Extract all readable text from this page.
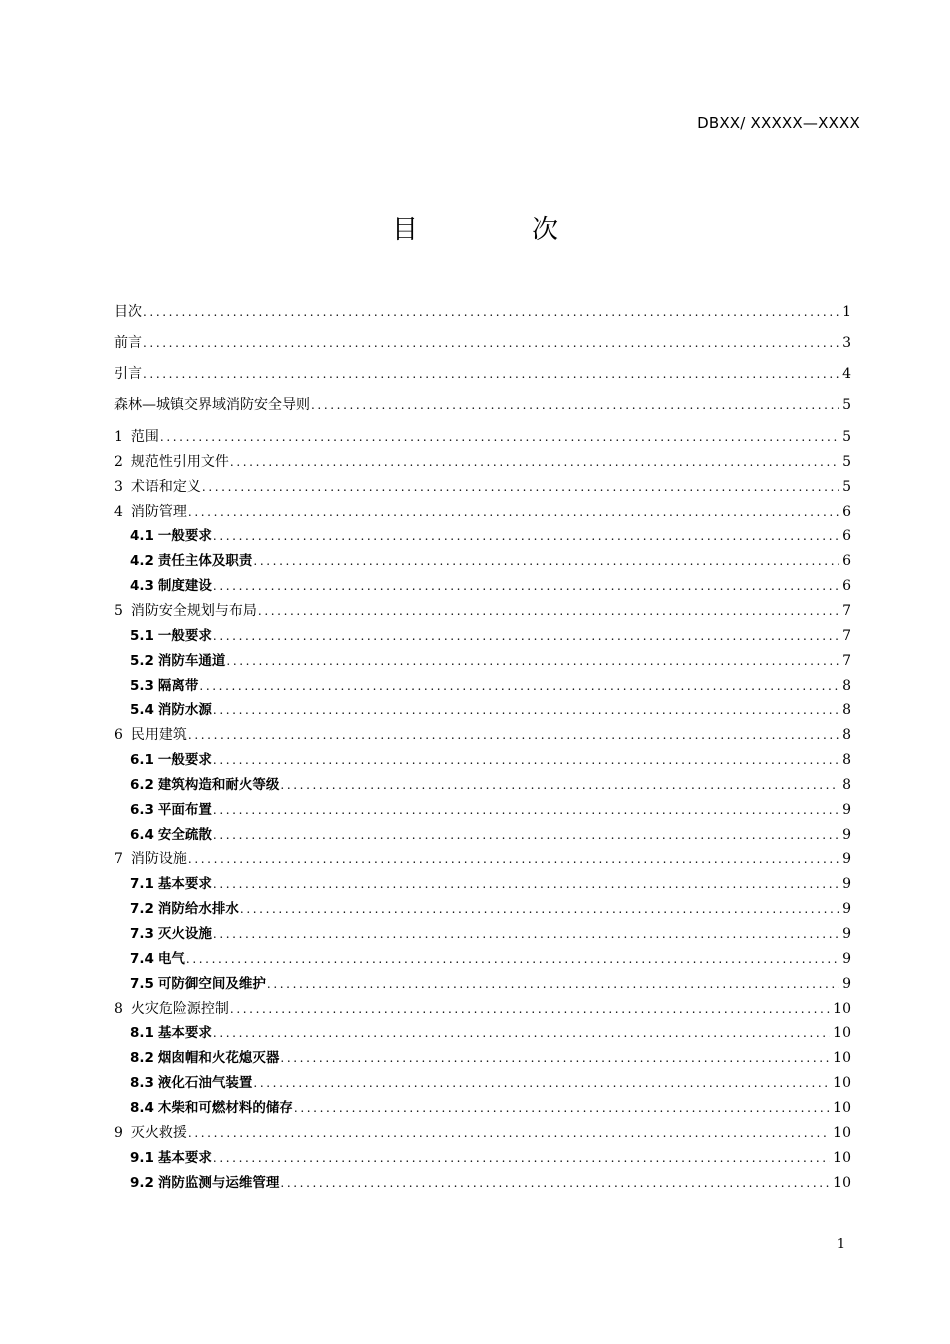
DBXX/ XXXXX—XXXX
目　次
目次 .....	1
前言 .....	3
引言 .....	4
森林—城镇交界域消防安全导则 .....	5
1 范围 .....	5
2 规范性引用文件 .....	5
3 术语和定义 .....	5
4 消防管理 .....	6
4.1 一般要求 .....	6
4.2 责任主体及职责 .....	6
4.3 制度建设 .....	6
5 消防安全规划与布局 .....	7
5.1 一般要求 .....	7
5.2 消防车通道 .....	7
5.3 隔离带 .....	8
5.4 消防水源 .....	8
6 民用建筑 .....	8
6.1 一般要求 .....	8
6.2 建筑构造和耐火等级 .....	8
6.3 平面布置 .....	9
6.4 安全疏散 .....	9
7 消防设施 .....	9
7.1 基本要求 .....	9
7.2 消防给水排水 .....	9
7.3 灭火设施 .....	9
7.4 电气 .....	9
7.5 可防御空间及维护 .....	9
8 火灾危险源控制 .....	10
8.1 基本要求 .....	10
8.2 烟囱帽和火花熄灭器 .....	10
8.3 液化石油气装置 .....	10
8.4 木柴和可燃材料的储存 .....	10
9 灭火救援 .....	10
9.1 基本要求 .....	10
9.2 消防监测与运维管理 .....	10
1
